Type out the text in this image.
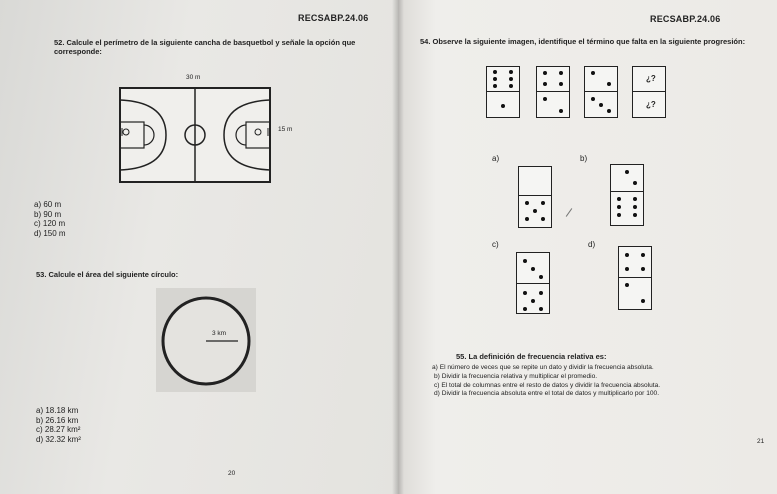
RECSABP.24.06
52. Calcule el perímetro de la siguiente cancha de basquetbol y señale la opción que corresponde:
30 m
15 m
a) 60 m
b) 90 m
c) 120 m
d) 150 m
53. Calcule el área del siguiente círculo:
3 km
a) 18.18 km
b) 26.16 km
c) 28.27 km²
d) 32.32 km²
20
RECSABP.24.06
54. Observe la siguiente imagen, identifique el término que falta en la siguiente progresión:
¿?
¿?
a)	b)
c)	d)
55. La definición de frecuencia relativa es:
a) El número de veces que se repite un dato y dividir la frecuencia absoluta.
b) Dividir la frecuencia relativa y multiplicar el promedio.
c) El total de columnas entre el resto de datos y dividir la frecuencia absoluta.
d) Dividir la frecuencia absoluta entre el total de datos y multiplicarlo por 100.
21
